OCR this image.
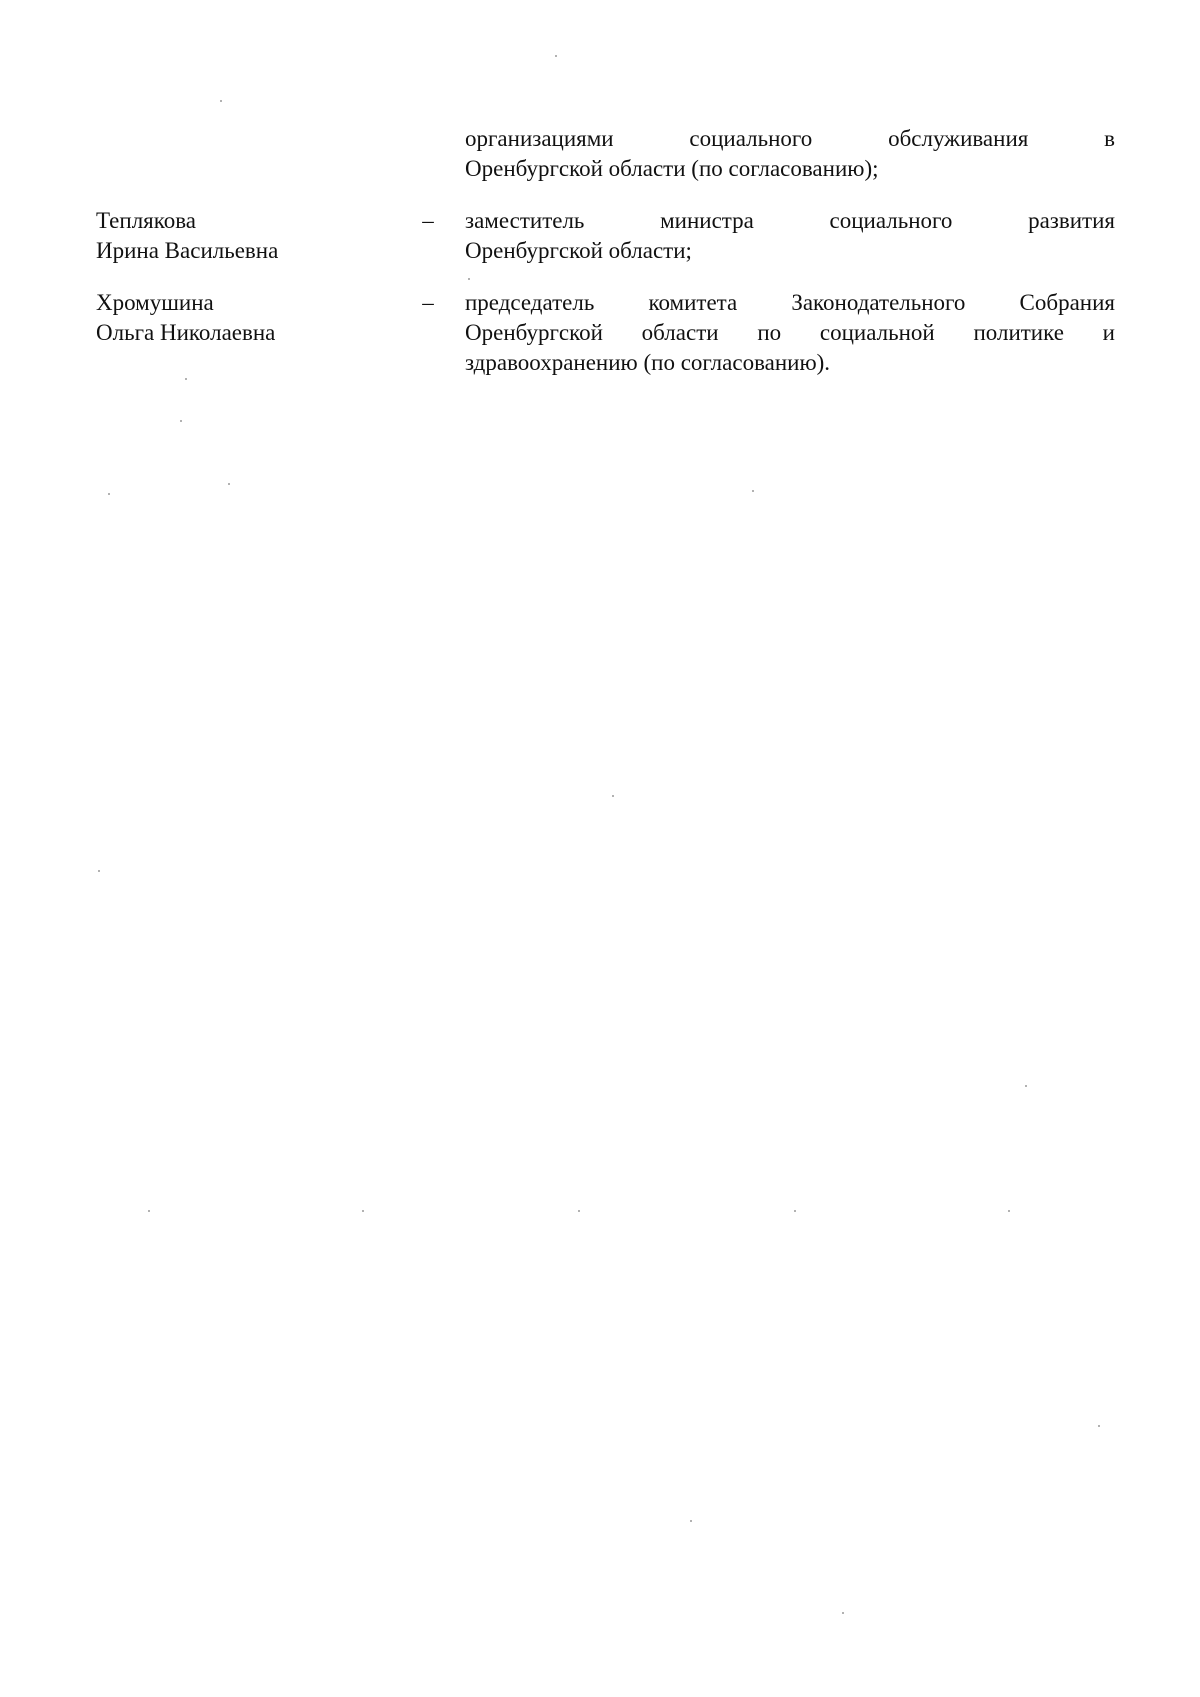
организациями социального обслуживания в
Оренбургской области (по согласованию);
Теплякова
Ирина Васильевна
– заместитель министра социального развития
Оренбургской области;
Хромушина
Ольга Николаевна
– председатель комитета Законодательного Собрания
Оренбургской области по социальной политике и
здравоохранению (по согласованию).
